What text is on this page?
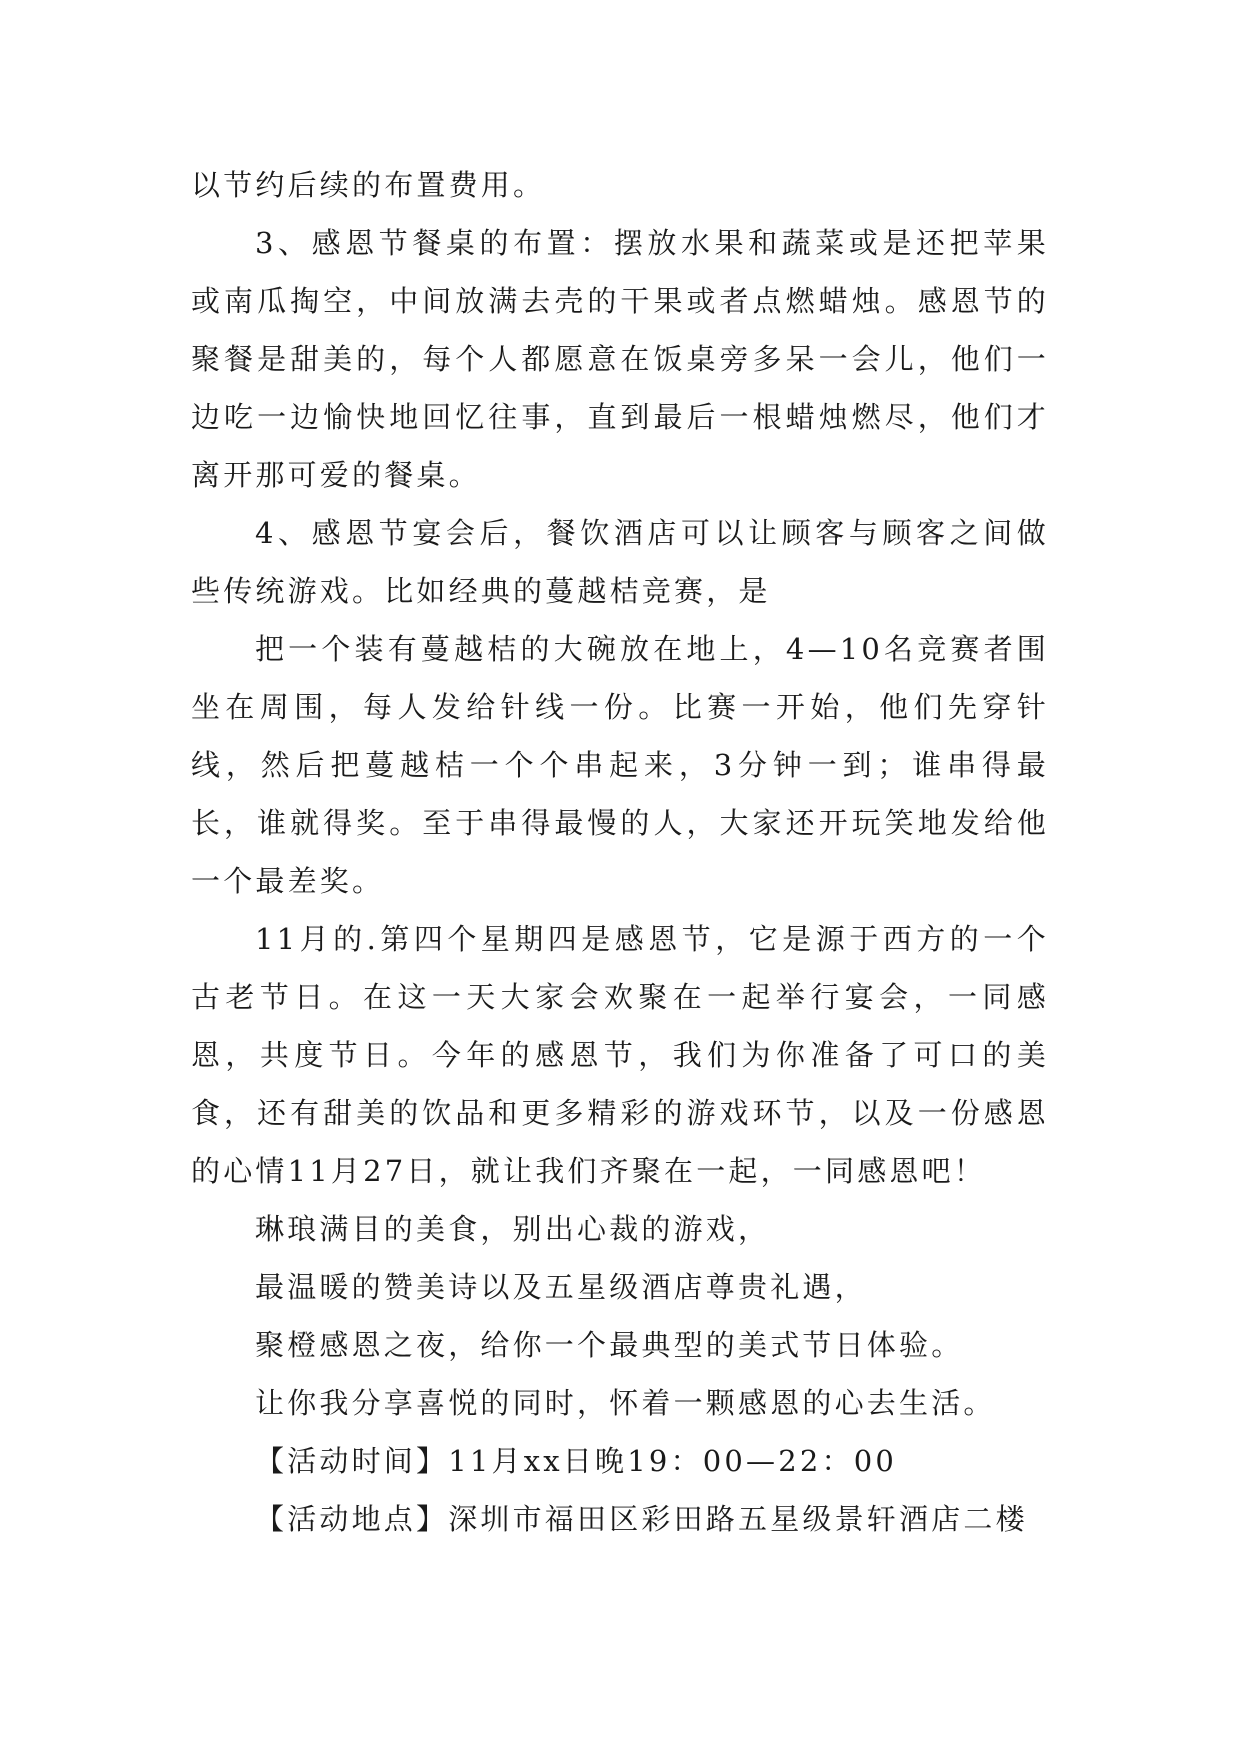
以节约后续的布置费用。

3、感恩节餐桌的布置：摆放水果和蔬菜或是还把苹果或南瓜掏空，中间放满去壳的干果或者点燃蜡烛。感恩节的聚餐是甜美的，每个人都愿意在饭桌旁多呆一会儿，他们一边吃一边愉快地回忆往事，直到最后一根蜡烛燃尽，他们才离开那可爱的餐桌。

4、感恩节宴会后，餐饮酒店可以让顾客与顾客之间做些传统游戏。比如经典的蔓越桔竞赛，是

把一个装有蔓越桔的大碗放在地上，4—10名竞赛者围坐在周围，每人发给针线一份。比赛一开始，他们先穿针线，然后把蔓越桔一个个串起来，3分钟一到；谁串得最长，谁就得奖。至于串得最慢的人，大家还开玩笑地发给他一个最差奖。

11月的.第四个星期四是感恩节，它是源于西方的一个古老节日。在这一天大家会欢聚在一起举行宴会，一同感恩，共度节日。今年的感恩节，我们为你准备了可口的美食，还有甜美的饮品和更多精彩的游戏环节，以及一份感恩的心情11月27日，就让我们齐聚在一起，一同感恩吧！

琳琅满目的美食，别出心裁的游戏，

最温暖的赞美诗以及五星级酒店尊贵礼遇，

聚橙感恩之夜，给你一个最典型的美式节日体验。

让你我分享喜悦的同时，怀着一颗感恩的心去生活。

【活动时间】11月xx日晚19：00—22：00

【活动地点】深圳市福田区彩田路五星级景轩酒店二楼
